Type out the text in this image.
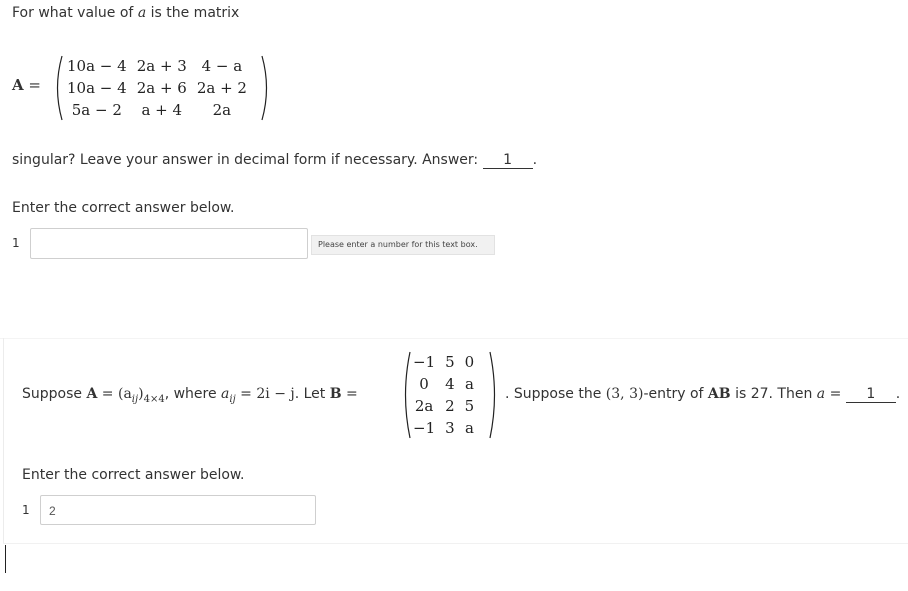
For what value of a is the matrix
A =
10a − 4	2a + 3	4 − a
10a − 4	2a + 6	2a + 2
5a − 2	a + 4	2a
singular? Leave your answer in decimal form if necessary. Answer: 1 .
Enter the correct answer below.
1	Please enter a number for this text box.
Suppose $A = (a_{ij})_{4\times 4}$, where $a_{ij} = 2i - j$. Let B =
−1	5	0
0	4	a
2a	2	5
−1	3	a
. Suppose the (3, 3)-entry of AB is 27. Then a = 1 .
Enter the correct answer below.
1	2
